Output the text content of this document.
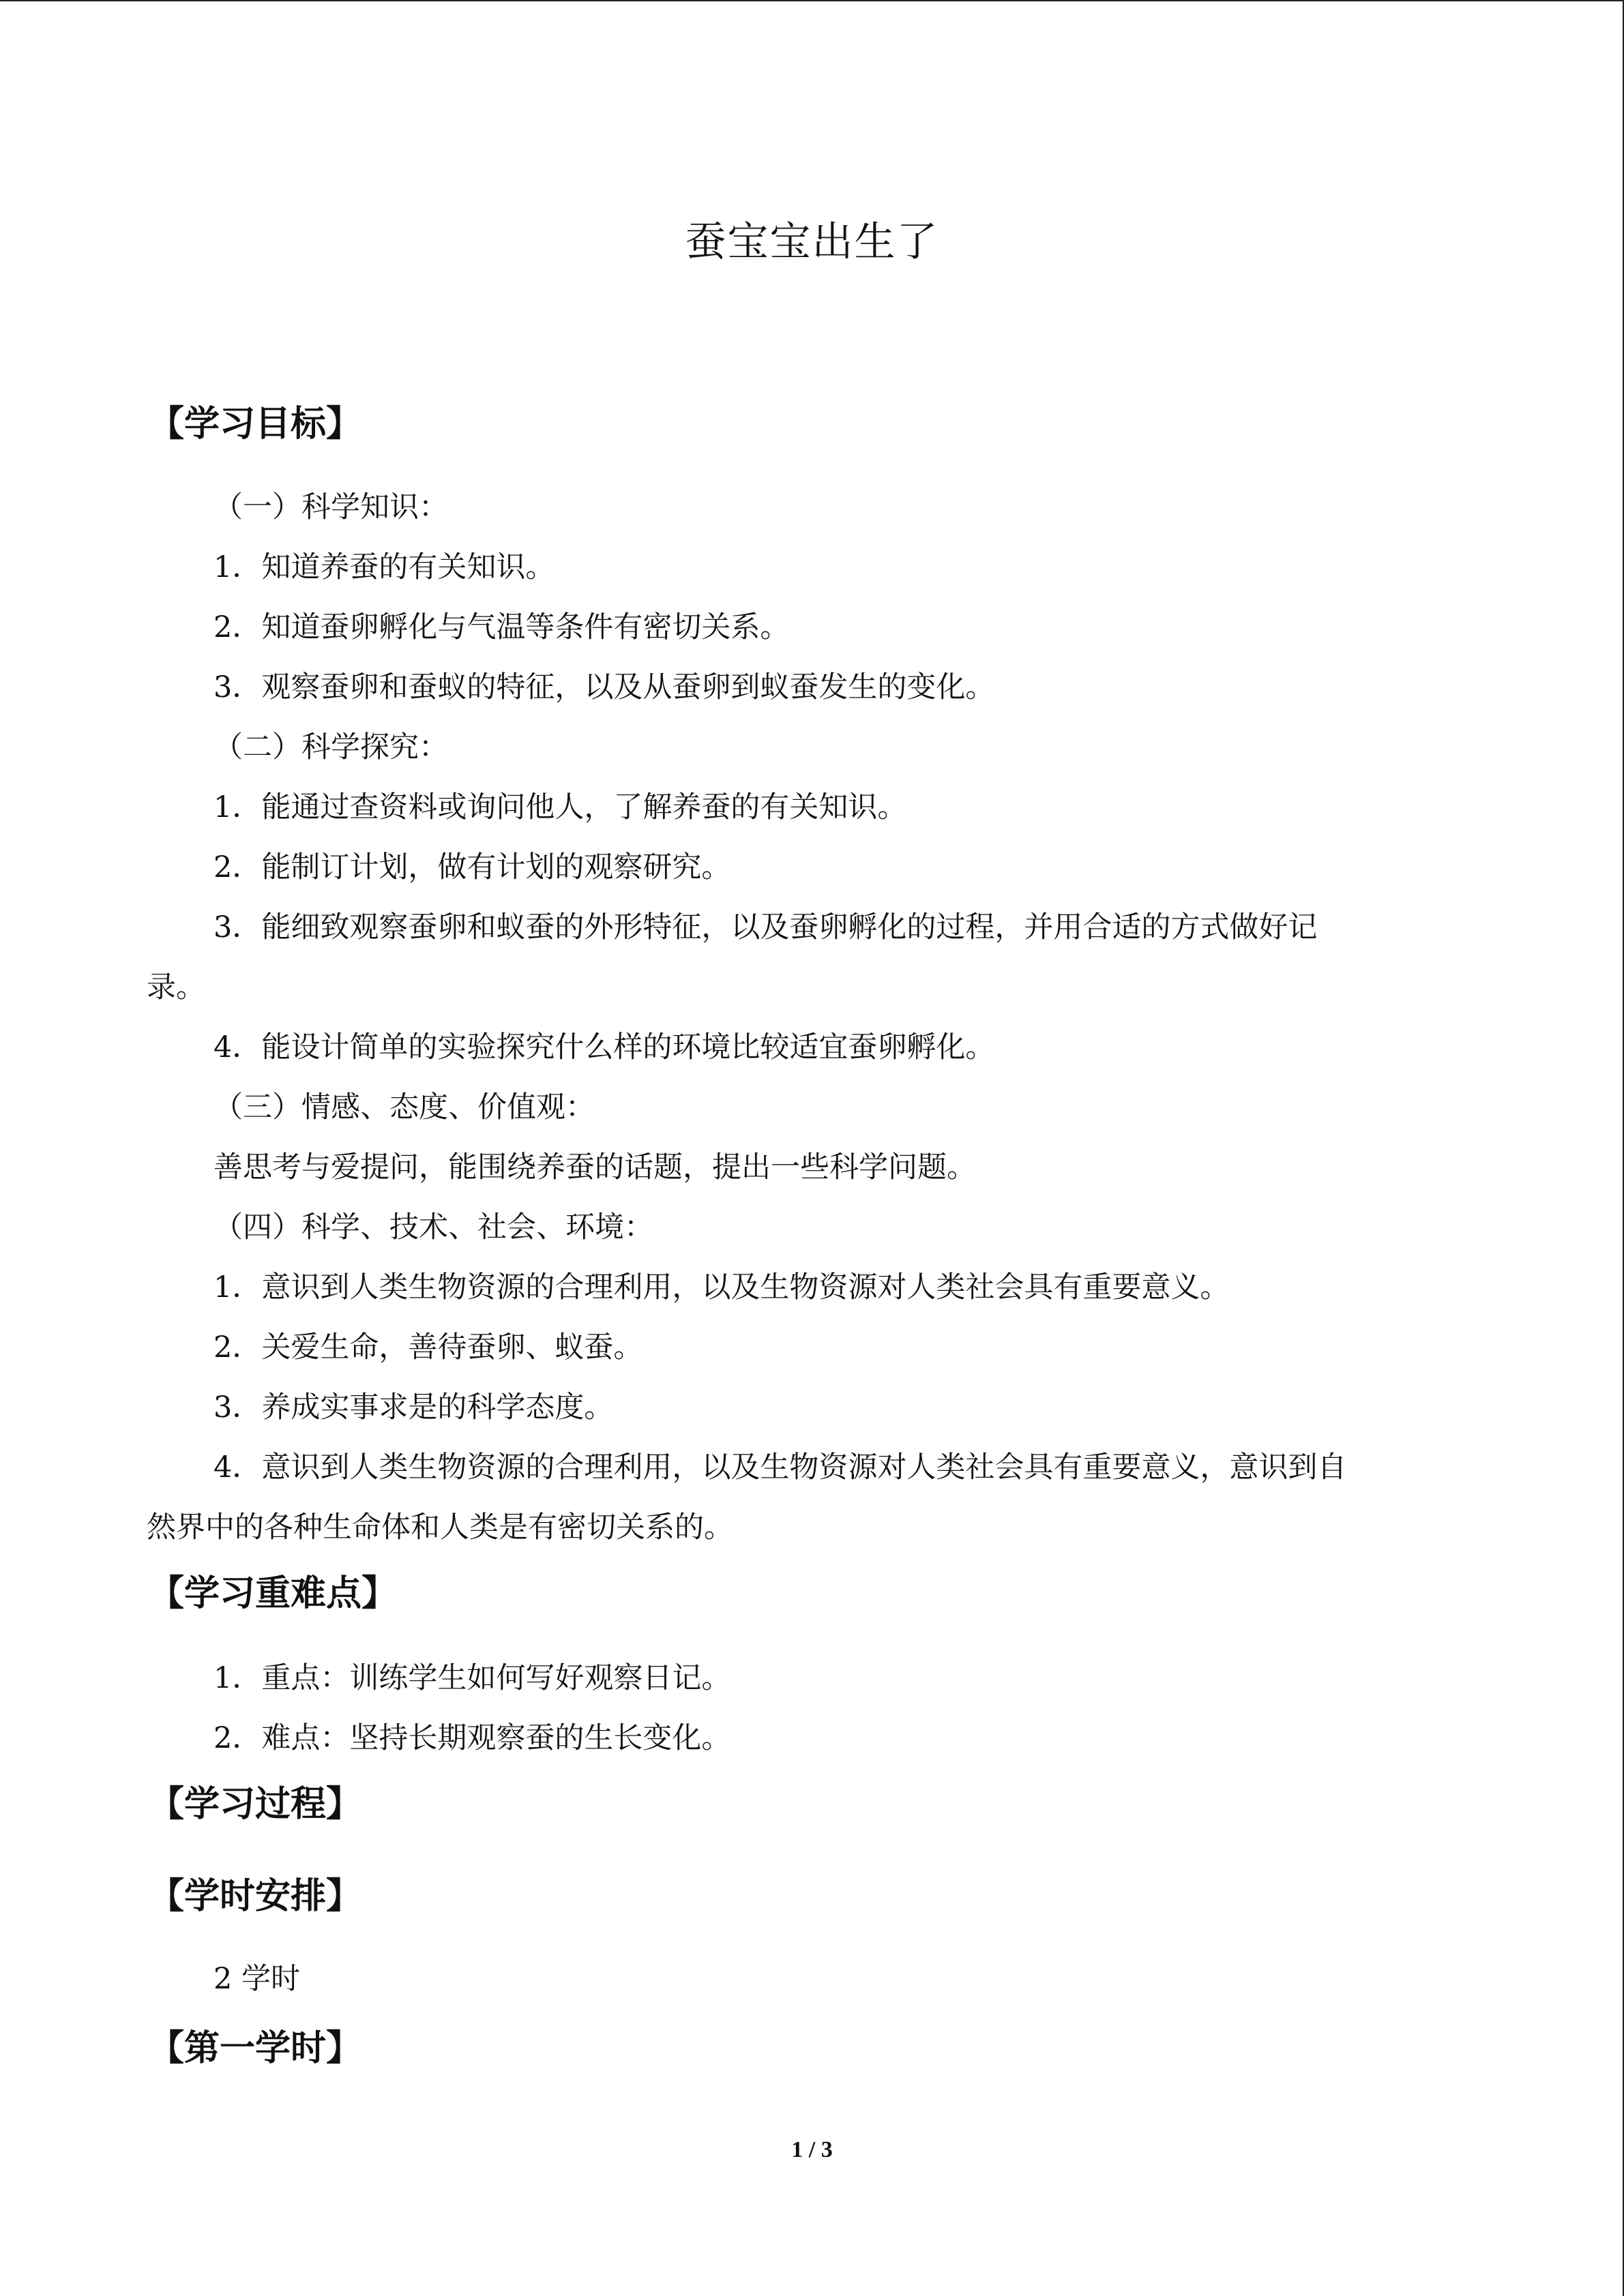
蚕宝宝出生了
【学习目标】
（一）科学知识：
1．知道养蚕的有关知识。
2．知道蚕卵孵化与气温等条件有密切关系。
3．观察蚕卵和蚕蚁的特征，以及从蚕卵到蚁蚕发生的变化。
（二）科学探究：
1．能通过查资料或询问他人，了解养蚕的有关知识。
2．能制订计划，做有计划的观察研究。
3．能细致观察蚕卵和蚁蚕的外形特征，以及蚕卵孵化的过程，并用合适的方式做好记
录。
4．能设计简单的实验探究什么样的环境比较适宜蚕卵孵化。
（三）情感、态度、价值观：
善思考与爱提问，能围绕养蚕的话题，提出一些科学问题。
（四）科学、技术、社会、环境：
1．意识到人类生物资源的合理利用，以及生物资源对人类社会具有重要意义。
2．关爱生命，善待蚕卵、蚁蚕。
3．养成实事求是的科学态度。
4．意识到人类生物资源的合理利用，以及生物资源对人类社会具有重要意义，意识到自
然界中的各种生命体和人类是有密切关系的。
【学习重难点】
1．重点：训练学生如何写好观察日记。
2．难点：坚持长期观察蚕的生长变化。
【学习过程】
【学时安排】
2 学时
【第一学时】
1 / 3
